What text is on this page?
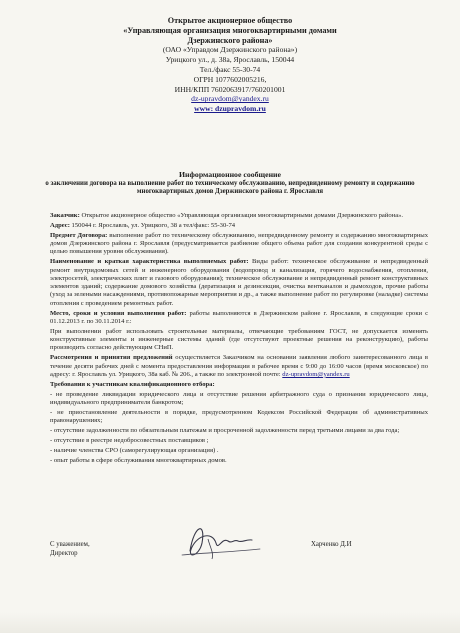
Открытое акционерное общество
«Управляющая организация многоквартирными домами
Дзержинского района»
(ОАО «Управдом Дзержинского района»)
Урицкого ул., д. 38а, Ярославль, 150044
Тел./факс 55-30-74
ОГРН 1077602005216,
ИНН/КПП 7602063917/760201001
dz-upravdom@yandex.ru
www: dzupravdom.ru
Информационное сообщение
о заключении договора на выполнение работ по техническому обслуживанию, непредвиденному ремонту и содержанию многоквартирных домов Дзержинского района г. Ярославля

Заказчик: Открытое акционерное общество «Управляющая организация многоквартирными домами Дзержинского района».

Адрес: 150044 г. Ярославль, ул. Урицкого, 38 а тел/факс: 55-30-74

Предмет Договора: выполнение работ по техническому обслуживанию, непредвиденному ремонту и содержанию многоквартирных домов Дзержинского района г. Ярославля (предусматривается разбиение общего объема работ для создания конкурентной среды с целью повышения уровня обслуживания).

Наименование и краткая характеристика выполняемых работ: Виды работ: техническое обслуживание и непредвиденный ремонт внутридомовых сетей и инженерного оборудования (водопровод и канализация, горячего водоснабжения, отопления, электросетей, электрических плит и газового оборудования); техническое обслуживание и непредвиденный ремонт конструктивных элементов зданий; содержание домового хозяйства (дератизация и дезинсекция, очистка вентканалов и дымоходов, прочие работы (уход за зелеными насаждениями, противопожарные мероприятия и др., а также выполнение работ по регулировке (наладке) системы отопления с проведением ремонтных работ.

Место, сроки и условия выполнения работ: работы выполняются в Дзержинском районе г. Ярославля, в следующие сроки с 01.12.2013 г. по 30.11.2014 г.:

При выполнении работ использовать строительные материалы, отвечающие требованиям ГОСТ, не допускается изменять конструктивные элементы и инженерные системы зданий (где отсутствуют проектные решения на реконструкцию), работы производить согласно действующим СНиП.

Рассмотрения и принятия предложений осуществляется Заказчиком на основании заявления любого заинтересованного лица в течение десяти рабочих дней с момента предоставления информации в рабочее время с 9:00 до 16:00 часов (время московское) по адресу: г. Ярославль ул. Урицкого, 38а каб. № 206., а также по электронной почте: dz-upravdom@yandex.ru

Требования к участникам квалификационного отбора:

- не проведение ликвидации юридического лица и отсутствие решения арбитражного суда о признании юридического лица, индивидуального предпринимателя банкротом;

- не приостановление деятельности в порядке, предусмотренном Кодексом Российской Федерации об административных правонарушениях;

- отсутствие задолженности по обязательным платежам и просроченной задолженности перед третьими лицами за два года;

- отсутствие в реестре недобросовестных поставщиков ;

- наличие членства СРО (саморегулирующая организация) .

- опыт работы в сфере обслуживания многоквартирных домов.

С уважением,
Директор
Харченко Д.И
